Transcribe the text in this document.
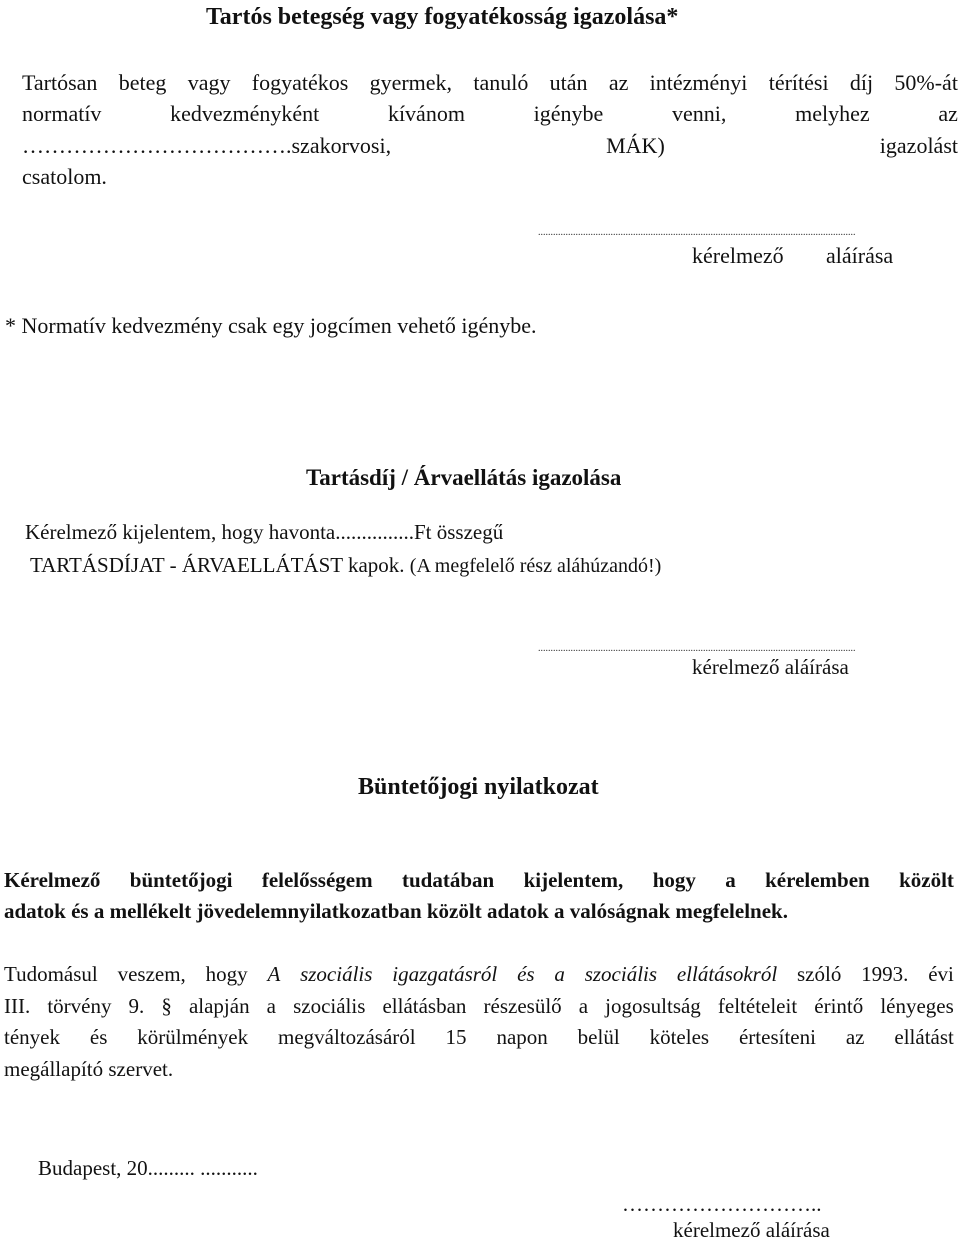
Tartós betegség vagy fogyatékosság igazolása*
Tartósan beteg vagy fogyatékos gyermek, tanuló után az intézményi térítési díj 50%-át
normatív	kedvezményként	kívánom	igénybe	venni,	melyhez	az
……………………………….szakorvosi,	MÁK)	igazolást
csatolom.
...............................................................................................................................
kérelmező aláírása
* Normatív kedvezmény csak egy jogcímen vehető igénybe.
Tartásdíj / Árvaellátás igazolása
Kérelmező kijelentem, hogy havonta...............Ft összegű
TARTÁSDÍJAT - ÁRVAELLÁTÁST kapok. (A megfelelő rész aláhúzandó!)
...............................................................................................................................
kérelmező aláírása
Büntetőjogi nyilatkozat
Kérelmező büntetőjogi felelősségem tudatában kijelentem, hogy a kérelemben közölt
adatok és a mellékelt jövedelemnyilatkozatban közölt adatok a valóságnak megfelelnek.
Tudomásul veszem, hogy A szociális igazgatásról és a szociális ellátásokról szóló 1993. évi
III. törvény 9. § alapján a szociális ellátásban részesülő a jogosultság feltételeit érintő lényeges
tények és körülmények megváltozásáról 15 napon belül köteles értesíteni az ellátást
megállapító szervet.
Budapest, 20......... ...........
………………………..
kérelmező aláírása
